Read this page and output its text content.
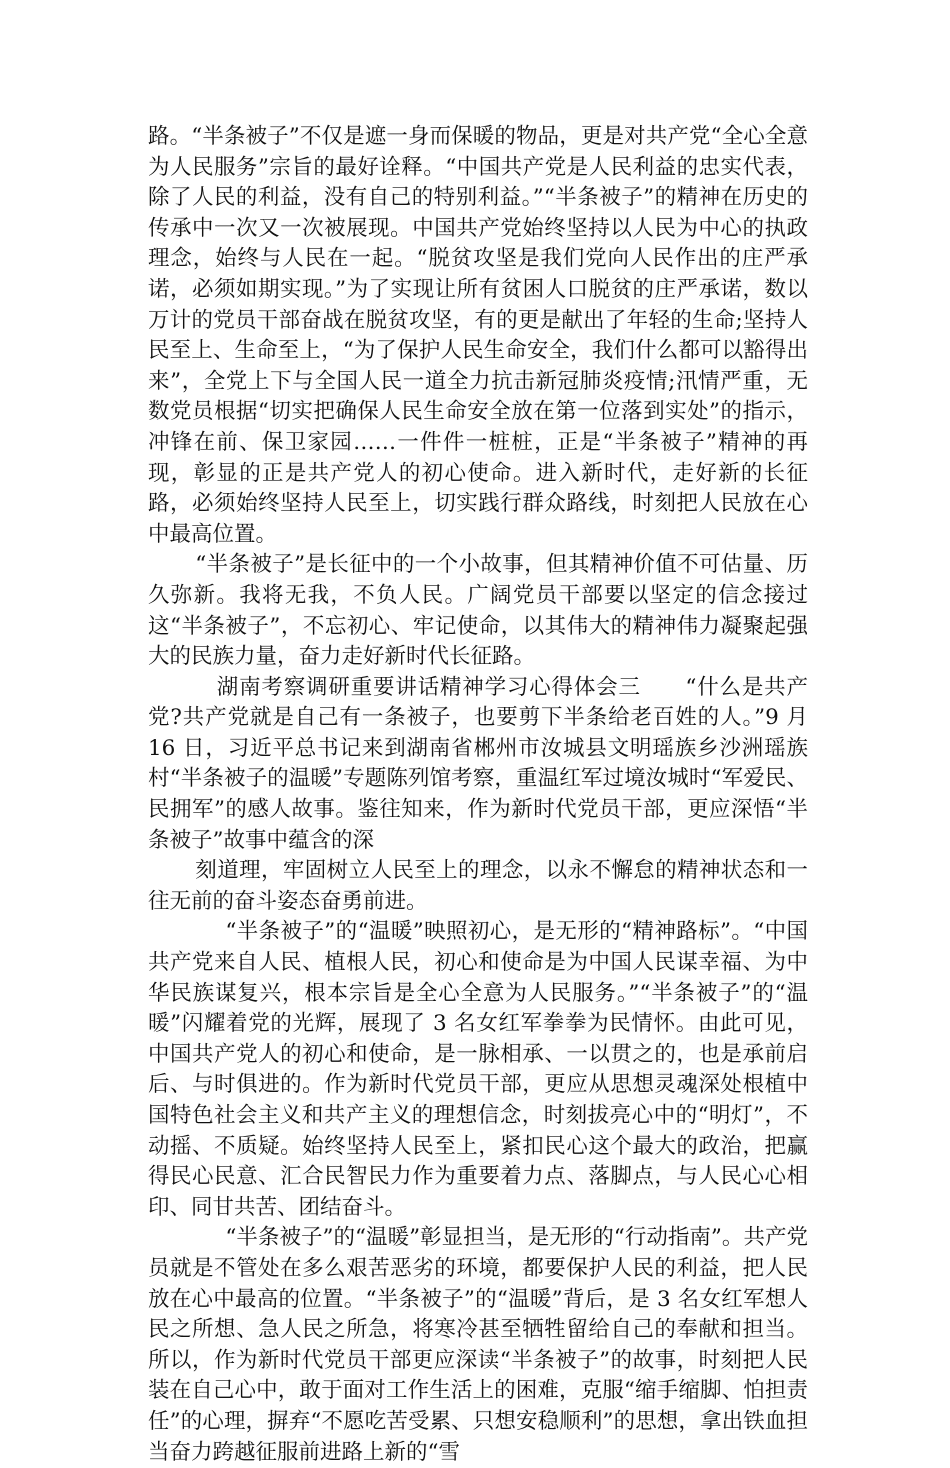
路。“半条被子”不仅是遮一身而保暖的物品，更是对共产党“全心全意为人民服务”宗旨的最好诠释。“中国共产党是人民利益的忠实代表，除了人民的利益，没有自己的特别利益。”“半条被子”的精神在历史的传承中一次又一次被展现。中国共产党始终坚持以人民为中心的执政理念，始终与人民在一起。“脱贫攻坚是我们党向人民作出的庄严承诺，必须如期实现。”为了实现让所有贫困人口脱贫的庄严承诺，数以万计的党员干部奋战在脱贫攻坚，有的更是献出了年轻的生命;坚持人民至上、生命至上，“为了保护人民生命安全，我们什么都可以豁得出来”，全党上下与全国人民一道全力抗击新冠肺炎疫情;汛情严重，无数党员根据“切实把确保人民生命安全放在第一位落到实处”的指示，冲锋在前、保卫家园……一件件一桩桩，正是“半条被子”精神的再现，彰显的正是共产党人的初心使命。进入新时代，走好新的长征路，必须始终坚持人民至上，切实践行群众路线，时刻把人民放在心中最高位置。

“半条被子”是长征中的一个小故事，但其精神价值不可估量、历久弥新。我将无我，不负人民。广阔党员干部要以坚定的信念接过这“半条被子”，不忘初心、牢记使命，以其伟大的精神伟力凝聚起强大的民族力量，奋力走好新时代长征路。

湖南考察调研重要讲话精神学习心得体会三　　“什么是共产党?共产党就是自己有一条被子，也要剪下半条给老百姓的人。”9 月 16 日，习近平总书记来到湖南省郴州市汝城县文明瑶族乡沙洲瑶族村“半条被子的温暖”专题陈列馆考察，重温红军过境汝城时“军爱民、民拥军”的感人故事。鉴往知来，作为新时代党员干部，更应深悟“半条被子”故事中蕴含的深

刻道理，牢固树立人民至上的理念，以永不懈怠的精神状态和一往无前的奋斗姿态奋勇前进。

“半条被子”的“温暖”映照初心，是无形的“精神路标”。“中国共产党来自人民、植根人民，初心和使命是为中国人民谋幸福、为中华民族谋复兴，根本宗旨是全心全意为人民服务。”“半条被子”的“温暖”闪耀着党的光辉，展现了 3 名女红军拳拳为民情怀。由此可见，中国共产党人的初心和使命，是一脉相承、一以贯之的，也是承前启后、与时俱进的。作为新时代党员干部，更应从思想灵魂深处根植中国特色社会主义和共产主义的理想信念，时刻拔亮心中的“明灯”，不动摇、不质疑。始终坚持人民至上，紧扣民心这个最大的政治，把赢得民心民意、汇合民智民力作为重要着力点、落脚点，与人民心心相印、同甘共苦、团结奋斗。

“半条被子”的“温暖”彰显担当，是无形的“行动指南”。共产党员就是不管处在多么艰苦恶劣的环境，都要保护人民的利益，把人民放在心中最高的位置。“半条被子”的“温暖”背后，是 3 名女红军想人民之所想、急人民之所急，将寒冷甚至牺牲留给自己的奉献和担当。所以，作为新时代党员干部更应深读“半条被子”的故事，时刻把人民装在自己心中，敢于面对工作生活上的困难，克服“缩手缩脚、怕担责任”的心理，摒弃“不愿吃苦受累、只想安稳顺利”的思想，拿出铁血担当奋力跨越征服前进路上新的“雪
